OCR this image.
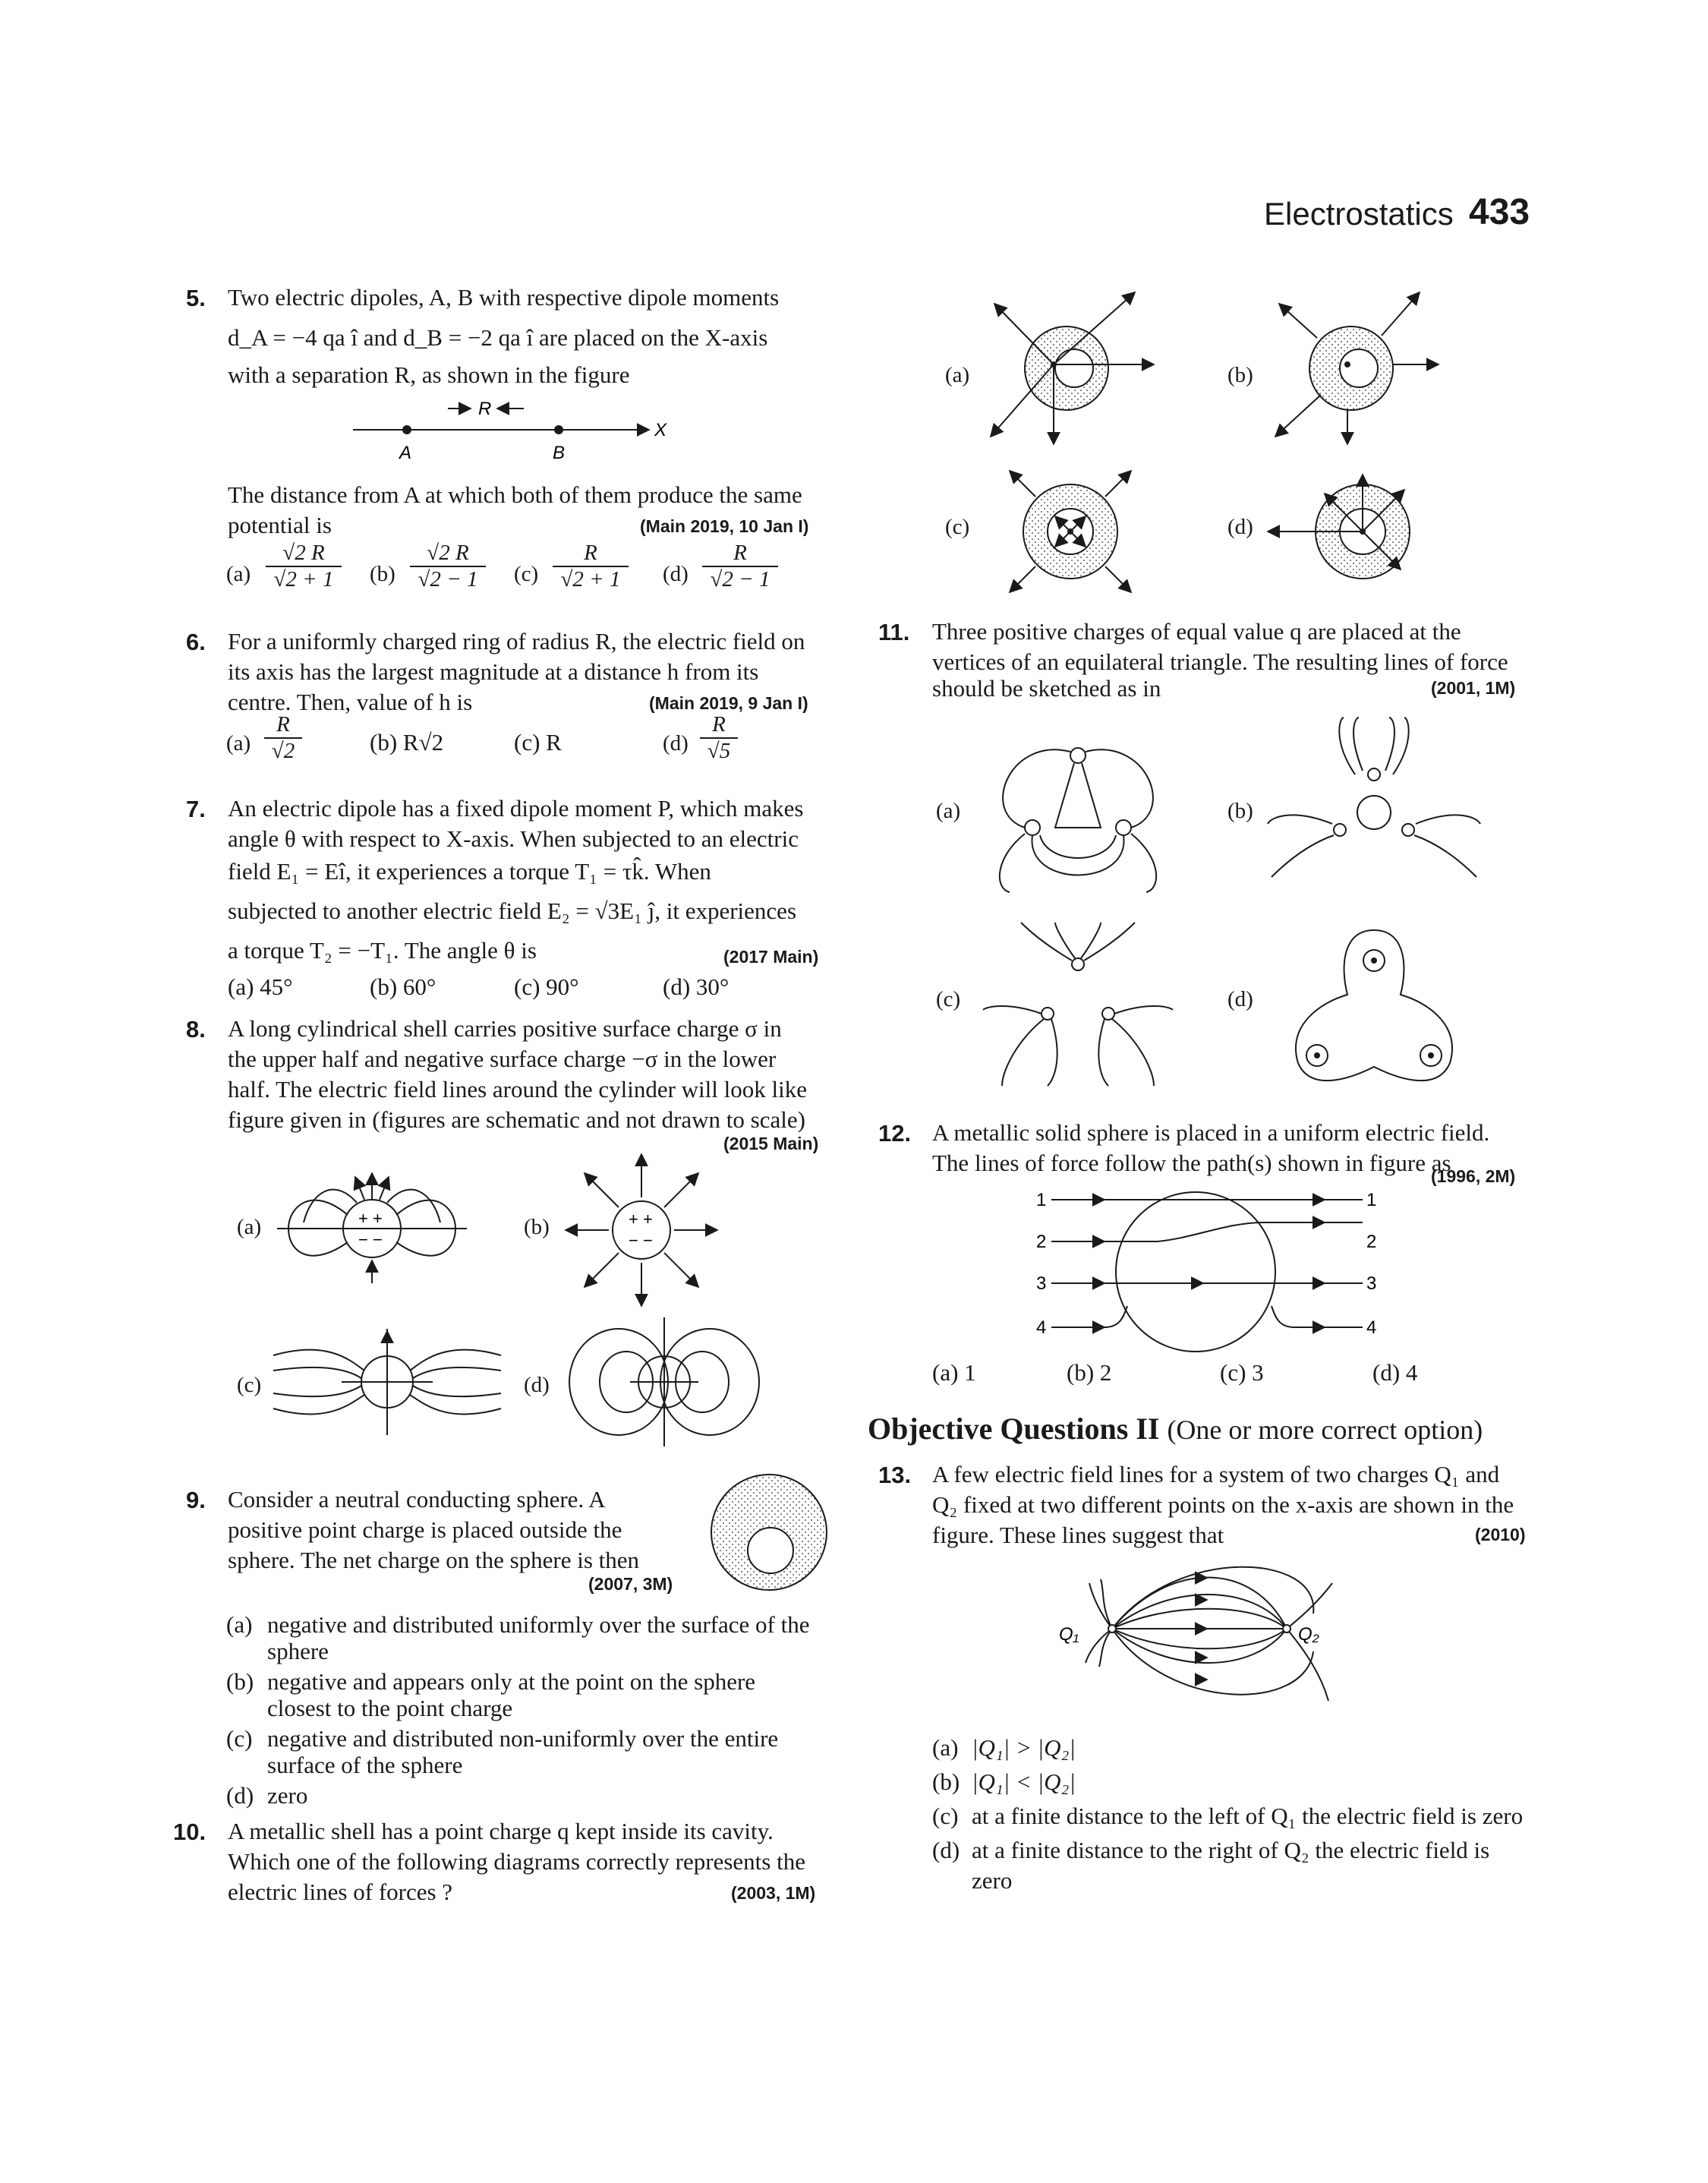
Electrostatics 433
5. Two electric dipoles, A, B with respective dipole moments
d_A = −4 qa î and d_B = −2 qa î are placed on the X-axis
with a separation R, as shown in the figure
R
A	B
X
The distance from A at which both of them produce the same
potential is	(Main 2019, 10 Jan I)
$(a) \frac{√2 R}{√2 + 1} (b) \frac{√2 R}{√2 - 1} (c) \frac{R}{√2 + 1} (d) \frac{R}{√2 - 1}$
6. For a uniformly charged ring of radius R, the electric field on
its axis has the largest magnitude at a distance h from its
centre. Then, value of h is	(Main 2019, 9 Jan I)
$(a) \frac{R}{√2}$	(b) R√2	(c) R	$(d) \frac{R}{√5}$
7. An electric dipole has a fixed dipole moment P, which makes
angle θ with respect to X-axis. When subjected to an electric
field E₁ = Eî, it experiences a torque T₁ = τk̂. When
subjected to another electric field E₂ = √3E₁ ĵ, it experiences
a torque T₂ = −T₁. The angle θ is	(2017 Main)
(a) 45°	(b) 60°	(c) 90°	(d) 30°
8. A long cylindrical shell carries positive surface charge σ in
the upper half and negative surface charge −σ in the lower
half. The electric field lines around the cylinder will look like
figure given in (figures are schematic and not drawn to scale)
(2015 Main)
(a)	+ +
− −
(b)	+ +
− −
(c)	(d)
9. Consider a neutral conducting sphere. A
positive point charge is placed outside the
sphere. The net charge on the sphere is then
(2007, 3M)
(a) negative and distributed uniformly over the surface of the
sphere
(b) negative and appears only at the point on the sphere
closest to the point charge
(c) negative and distributed non-uniformly over the entire
surface of the sphere
(d) zero
10. A metallic shell has a point charge q kept inside its cavity.
Which one of the following diagrams correctly represents the
electric lines of forces ?	(2003, 1M)
(a)	(b)
(c)	(d)
11. Three positive charges of equal value q are placed at the
vertices of an equilateral triangle. The resulting lines of force
should be sketched as in	(2001, 1M)
(a)	(b)
(c)	(d)
12. A metallic solid sphere is placed in a uniform electric field.
The lines of force follow the path(s) shown in figure as
(1996, 2M)
1
2
3
4
1
2
3
4
(a) 1	(b) 2	(c) 3	(d) 4
Objective Questions II (One or more correct option)
13. A few electric field lines for a system of two charges Q₁ and
Q₂ fixed at two different points on the x-axis are shown in the
figure. These lines suggest that	(2010)
Q₁	Q₂
(a) |Q₁| > |Q₂|
(b) |Q₁| < |Q₂|
(c) at a finite distance to the left of Q₁ the electric field is zero
(d) at a finite distance to the right of Q₂ the electric field is
zero
